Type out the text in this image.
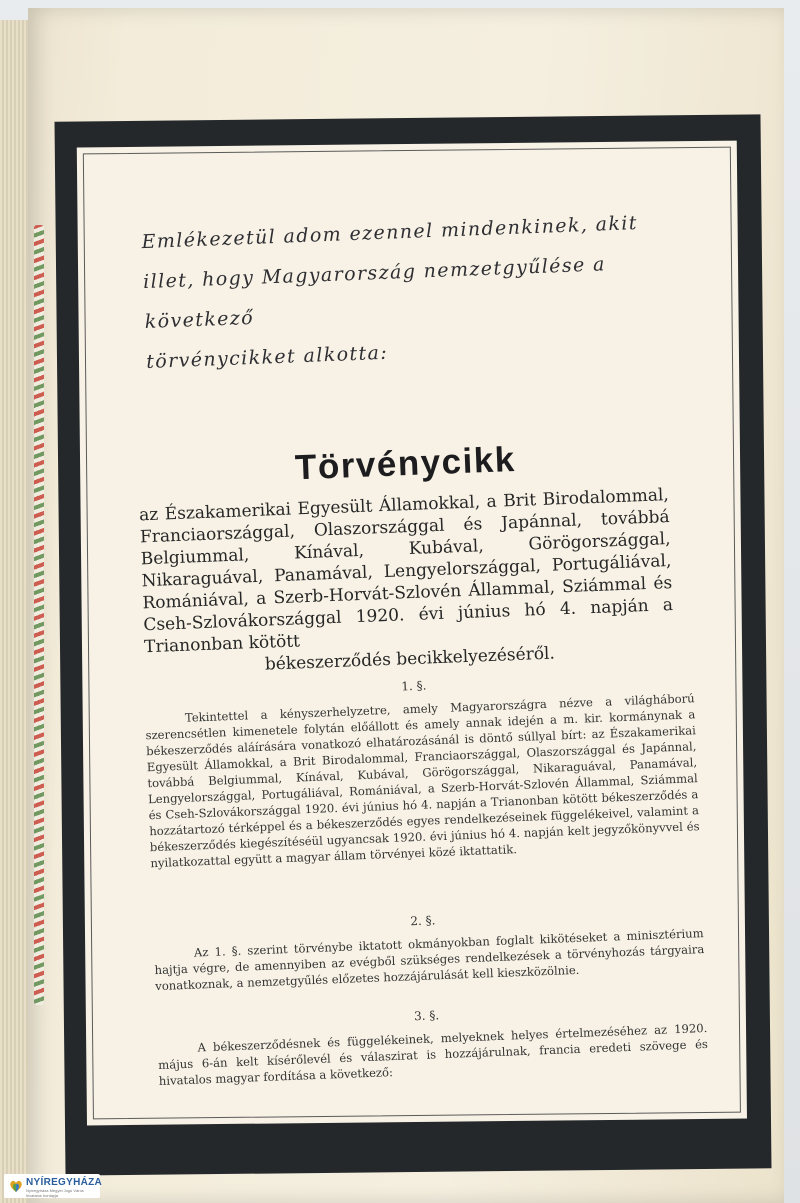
Emlékezetül adom ezennel mindenkinek, akit
illet, hogy Magyarország nemzetgyűlése a következő
törvénycikket alkotta:
Törvénycikk
az Északamerikai Egyesült Államokkal, a Brit Birodalommal, Franciaországgal, Olaszországgal és Japánnal, továbbá Belgiummal, Kínával, Kubával, Görögországgal, Nikaraguával, Panamával, Lengyelországgal, Portugáliával, Romániával, a Szerb-Horvát-Szlovén Állammal, Sziámmal és Cseh-Szlovákországgal 1920. évi június hó 4. napján a Trianonban kötött
békeszerződés becikkelyezéséről.
1. §.
Tekintettel a kényszerhelyzetre, amely Magyarországra nézve a világháború szerencsétlen kimenetele folytán előállott és amely annak idején a m. kir. kormánynak a békeszerződés aláírására vonatkozó elhatározásánál is döntő súllyal bírt: az Északamerikai Egyesült Államokkal, a Brit Birodalommal, Franciaországgal, Olaszországgal és Japánnal, továbbá Belgiummal, Kínával, Kubával, Görögországgal, Nikaraguával, Panamával, Lengyelországgal, Portugáliával, Romániával, a Szerb-Horvát-Szlovén Állammal, Sziámmal és Cseh-Szlovákországgal 1920. évi június hó 4. napján a Trianonban kötött békeszerződés a hozzátartozó térképpel és a békeszerződés egyes rendelkezéseinek függelékeivel, valamint a békeszerződés kiegészítéséül ugyancsak 1920. évi június hó 4. napján kelt jegyzőkönyvvel és nyilatkozattal együtt a magyar állam törvényei közé iktattatik.
2. §.
Az 1. §. szerint törvénybe iktatott okmányokban foglalt kikötéseket a minisztérium hajtja végre, de amennyiben az evégből szükséges rendelkezések a törvényhozás tárgyaira vonatkoznak, a nemzetgyűlés előzetes hozzájárulását kell kieszközölnie.
3. §.
A békeszerződésnek és függelékeinek, melyeknek helyes értelmezéséhez az 1920. május 6-án kelt kísérőlevél és válaszirat is hozzájárulnak, francia eredeti szövege és hivatalos magyar fordítása a következő:
NYÍREGYHÁZA
Nyíregyháza Megyei Jogú Város hivatalos honlapja
